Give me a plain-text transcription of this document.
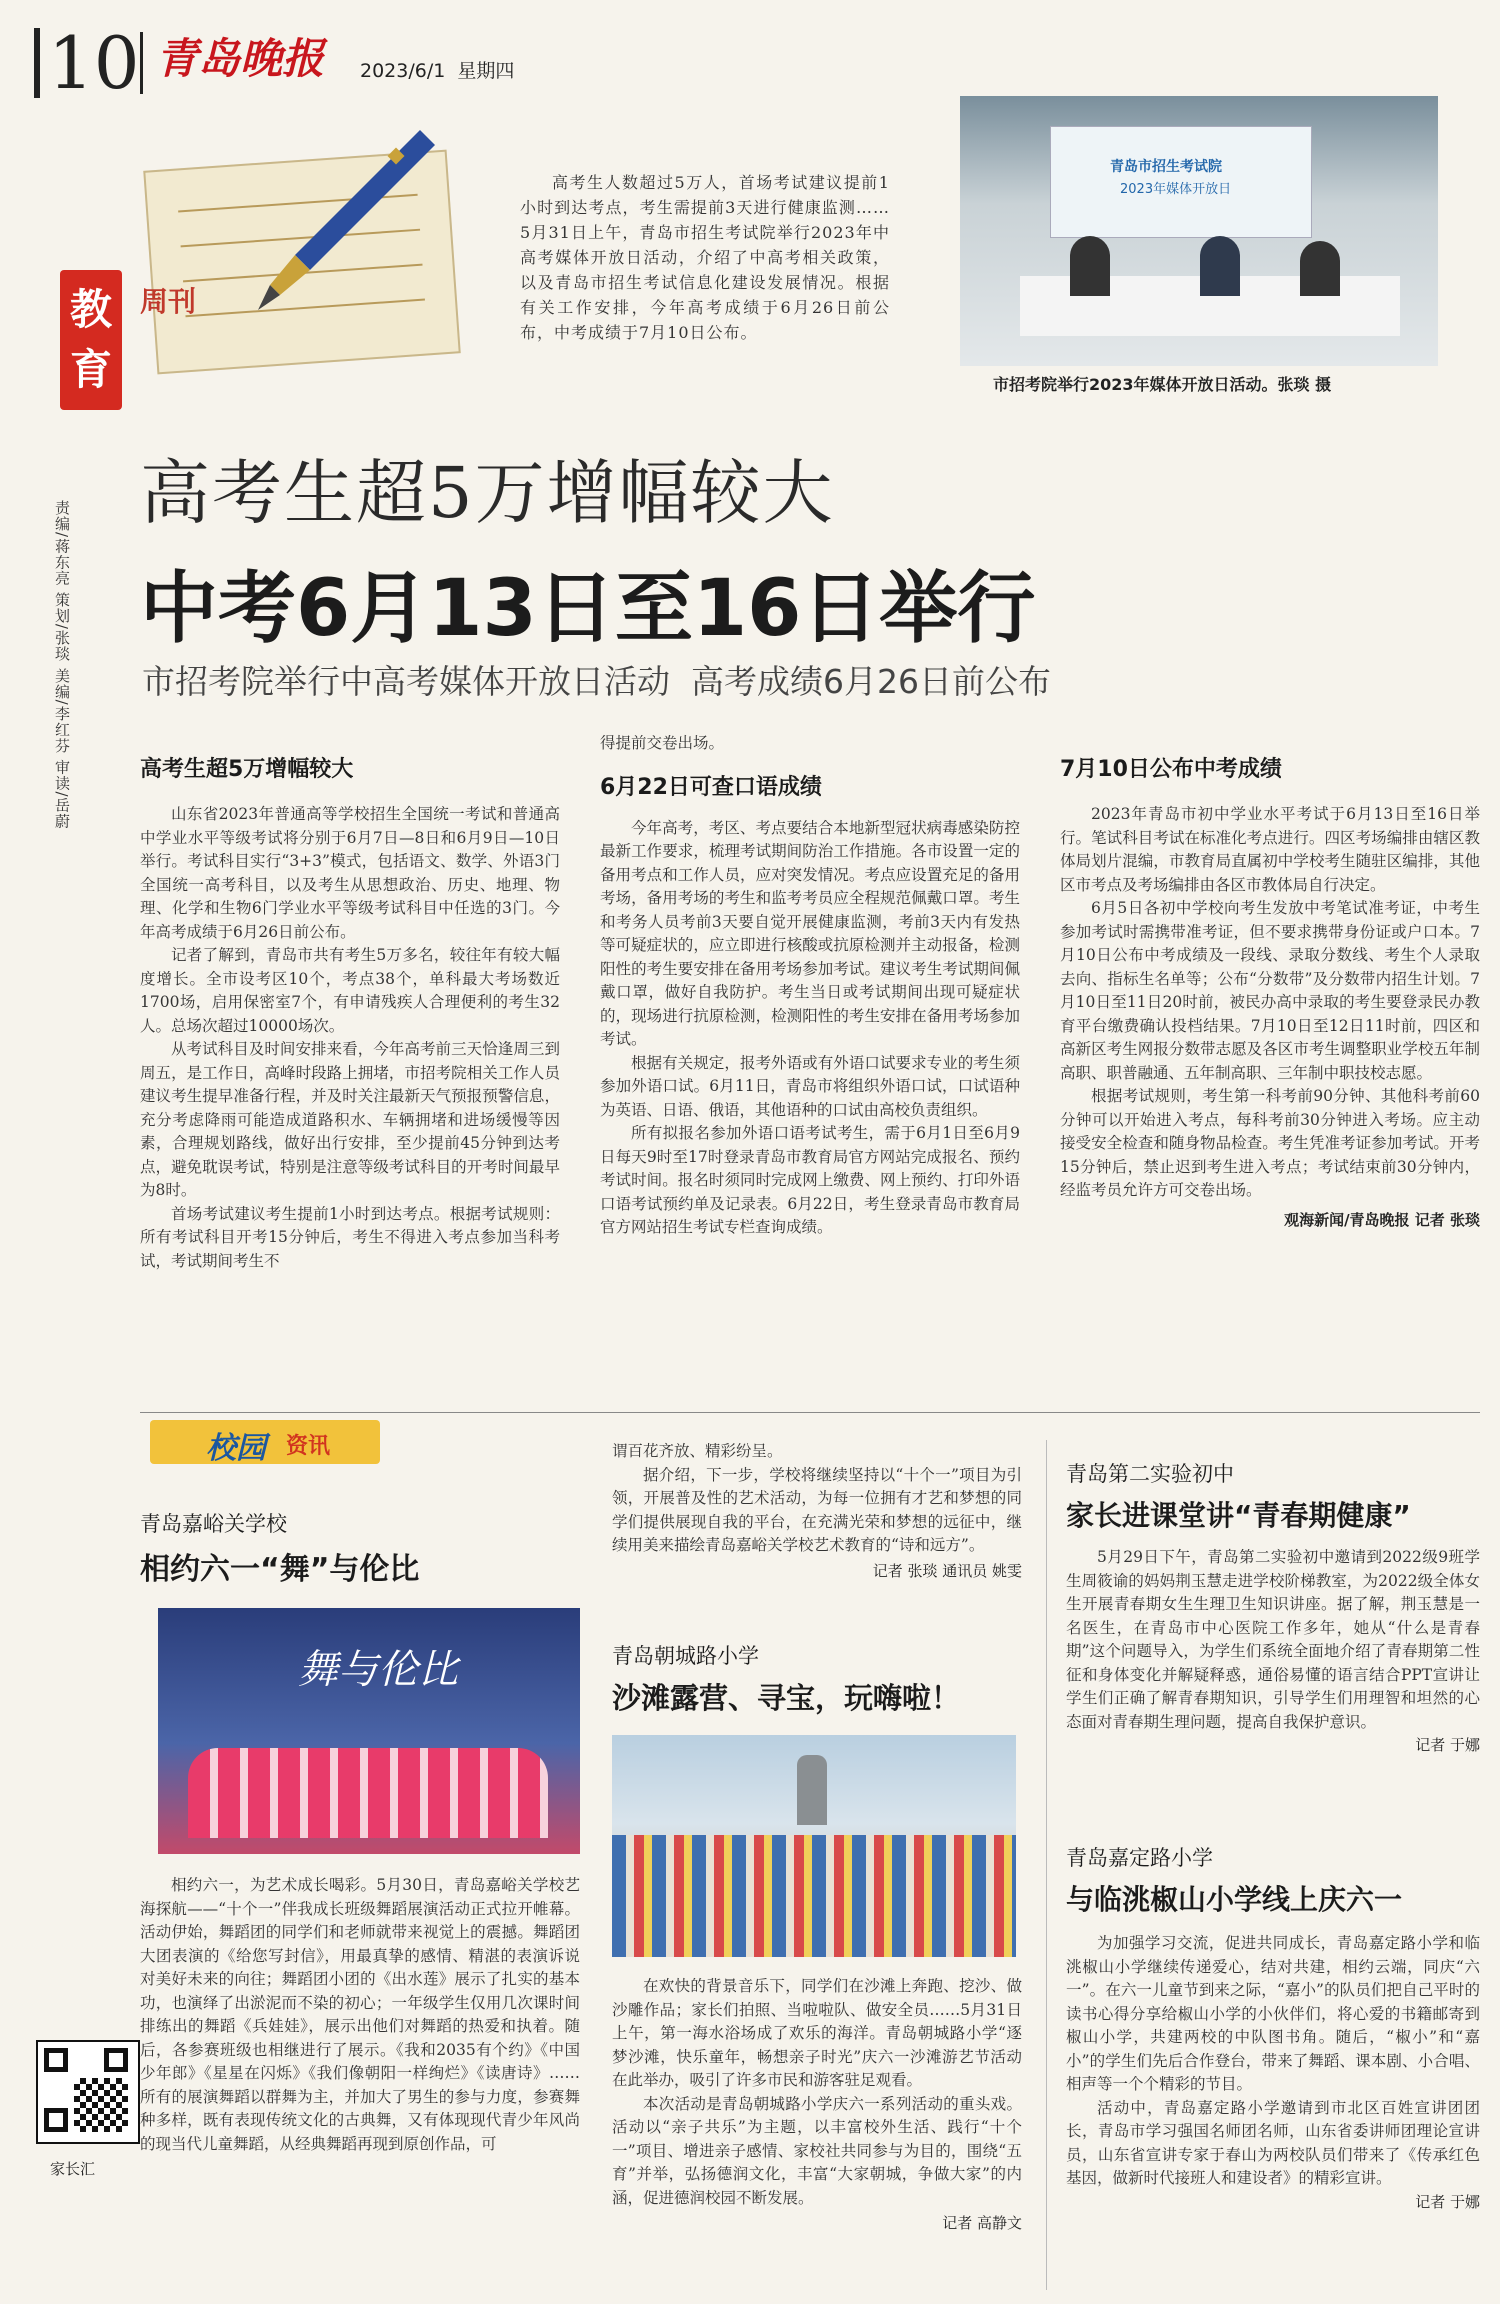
10 青岛晚报 2023/6/1 星期四
教
育
周刊
高考生人数超过5万人，首场考试建议提前1小时到达考点，考生需提前3天进行健康监测……5月31日上午，青岛市招生考试院举行2023年中高考媒体开放日活动，介绍了中高考相关政策，以及青岛市招生考试信息化建设发展情况。根据有关工作安排，今年高考成绩于6月26日前公布，中考成绩于7月10日公布。
青岛市招生考试院
2023年媒体开放日
市招考院举行2023年媒体开放日活动。张琰 摄
责编/蒋东亮 策划/张琰 美编/李红芬 审读/岳蔚
高考生超5万增幅较大
中考6月13日至16日举行
市招考院举行中高考媒体开放日活动  高考成绩6月26日前公布
高考生超5万增幅较大

山东省2023年普通高等学校招生全国统一考试和普通高中学业水平等级考试将分别于6月7日—8日和6月9日—10日举行。考试科目实行“3+3”模式，包括语文、数学、外语3门全国统一高考科目，以及考生从思想政治、历史、地理、物理、化学和生物6门学业水平等级考试科目中任选的3门。今年高考成绩于6月26日前公布。

记者了解到，青岛市共有考生5万多名，较往年有较大幅度增长。全市设考区10个，考点38个，单科最大考场数近1700场，启用保密室7个，有申请残疾人合理便利的考生32人。总场次超过10000场次。

从考试科目及时间安排来看，今年高考前三天恰逢周三到周五，是工作日，高峰时段路上拥堵，市招考院相关工作人员建议考生提早准备行程，并及时关注最新天气预报预警信息，充分考虑降雨可能造成道路积水、车辆拥堵和进场缓慢等因素，合理规划路线，做好出行安排，至少提前45分钟到达考点，避免耽误考试，特别是注意等级考试科目的开考时间最早为8时。

首场考试建议考生提前1小时到达考点。根据考试规则：所有考试科目开考15分钟后，考生不得进入考点参加当科考试，考试期间考生不

得提前交卷出场。
6月22日可查口语成绩

今年高考，考区、考点要结合本地新型冠状病毒感染防控最新工作要求，梳理考试期间防治工作措施。各市设置一定的备用考点和工作人员，应对突发情况。考点应设置充足的备用考场，备用考场的考生和监考考员应全程规范佩戴口罩。考生和考务人员考前3天要自觉开展健康监测，考前3天内有发热等可疑症状的，应立即进行核酸或抗原检测并主动报备，检测阳性的考生要安排在备用考场参加考试。建议考生考试期间佩戴口罩，做好自我防护。考生当日或考试期间出现可疑症状的，现场进行抗原检测，检测阳性的考生安排在备用考场参加考试。

根据有关规定，报考外语或有外语口试要求专业的考生须参加外语口试。6月11日，青岛市将组织外语口试，口试语种为英语、日语、俄语，其他语种的口试由高校负责组织。

所有拟报名参加外语口语考试考生，需于6月1日至6月9日每天9时至17时登录青岛市教育局官方网站完成报名、预约考试时间。报名时须同时完成网上缴费、网上预约、打印外语口语考试预约单及记录表。6月22日，考生登录青岛市教育局官方网站招生考试专栏查询成绩。

7月10日公布中考成绩

2023年青岛市初中学业水平考试于6月13日至16日举行。笔试科目考试在标准化考点进行。四区考场编排由辖区教体局划片混编，市教育局直属初中学校考生随驻区编排，其他区市考点及考场编排由各区市教体局自行决定。

6月5日各初中学校向考生发放中考笔试准考证，中考生参加考试时需携带准考证，但不要求携带身份证或户口本。7月10日公布中考成绩及一段线、录取分数线、考生个人录取去向、指标生名单等；公布“分数带”及分数带内招生计划。7月10日至11日20时前，被民办高中录取的考生要登录民办教育平台缴费确认投档结果。7月10日至12日11时前，四区和高新区考生网报分数带志愿及各区市考生调整职业学校五年制高职、职普融通、五年制高职、三年制中职技校志愿。

根据考试规则，考生第一科考前90分钟、其他科考前60分钟可以开始进入考点，每科考前30分钟进入考场。应主动接受安全检查和随身物品检查。考生凭准考证参加考试。开考15分钟后，禁止迟到考生进入考点；考试结束前30分钟内，经监考员允许方可交卷出场。

观海新闻/青岛晚报 记者 张琰
校园 资讯
青岛嘉峪关学校
相约六一“舞”与伦比
舞与伦比
相约六一，为艺术成长喝彩。5月30日，青岛嘉峪关学校艺海探航——“十个一”伴我成长班级舞蹈展演活动正式拉开帷幕。活动伊始，舞蹈团的同学们和老师就带来视觉上的震撼。舞蹈团大团表演的《给您写封信》，用最真挚的感情、精湛的表演诉说对美好未来的向往；舞蹈团小团的《出水莲》展示了扎实的基本功，也演绎了出淤泥而不染的初心；一年级学生仅用几次课时间排练出的舞蹈《兵娃娃》，展示出他们对舞蹈的热爱和执着。随后，各参赛班级也相继进行了展示。《我和2035有个约》《中国少年郎》《星星在闪烁》《我们像朝阳一样绚烂》《读唐诗》……所有的展演舞蹈以群舞为主，并加大了男生的参与力度，参赛舞种多样，既有表现传统文化的古典舞，又有体现现代青少年风尚的现当代儿童舞蹈，从经典舞蹈再现到原创作品，可
谓百花齐放、精彩纷呈。
据介绍，下一步，学校将继续坚持以“十个一”项目为引领，开展普及性的艺术活动，为每一位拥有才艺和梦想的同学们提供展现自我的平台，在充满光荣和梦想的远征中，继续用美来描绘青岛嘉峪关学校艺术教育的“诗和远方”。
记者 张琰 通讯员 姚雯
青岛朝城路小学
沙滩露营、寻宝，玩嗨啦！

在欢快的背景音乐下，同学们在沙滩上奔跑、挖沙、做沙雕作品；家长们拍照、当啦啦队、做安全员……5月31日上午，第一海水浴场成了欢乐的海洋。青岛朝城路小学“逐梦沙滩，快乐童年，畅想亲子时光”庆六一沙滩游艺节活动在此举办，吸引了许多市民和游客驻足观看。

本次活动是青岛朝城路小学庆六一系列活动的重头戏。活动以“亲子共乐”为主题，以丰富校外生活、践行“十个一”项目、增进亲子感情、家校社共同参与为目的，围绕“五育”并举，弘扬德润文化，丰富“大家朝城，争做大家”的内涵，促进德润校园不断发展。

记者 高静文
青岛第二实验初中
家长进课堂讲“青春期健康”
5月29日下午，青岛第二实验初中邀请到2022级9班学生周筱谕的妈妈荆玉慧走进学校阶梯教室，为2022级全体女生开展青春期女生生理卫生知识讲座。据了解，荆玉慧是一名医生，在青岛市中心医院工作多年，她从“什么是青春期”这个问题导入，为学生们系统全面地介绍了青春期第二性征和身体变化并解疑释惑，通俗易懂的语言结合PPT宣讲让学生们正确了解青春期知识，引导学生们用理智和坦然的心态面对青春期生理问题，提高自我保护意识。
记者 于娜
青岛嘉定路小学
与临洮椒山小学线上庆六一

为加强学习交流，促进共同成长，青岛嘉定路小学和临洮椒山小学继续传递爱心，结对共建，相约云端，同庆“六一”。在六一儿童节到来之际，“嘉小”的队员们把自己平时的读书心得分享给椒山小学的小伙伴们，将心爱的书籍邮寄到椒山小学，共建两校的中队图书角。随后，“椒小”和“嘉小”的学生们先后合作登台，带来了舞蹈、课本剧、小合唱、相声等一个个精彩的节目。

活动中，青岛嘉定路小学邀请到市北区百姓宣讲团团长，青岛市学习强国名师团名师，山东省委讲师团理论宣讲员，山东省宣讲专家于春山为两校队员们带来了《传承红色基因，做新时代接班人和建设者》的精彩宣讲。

记者 于娜
家长汇
